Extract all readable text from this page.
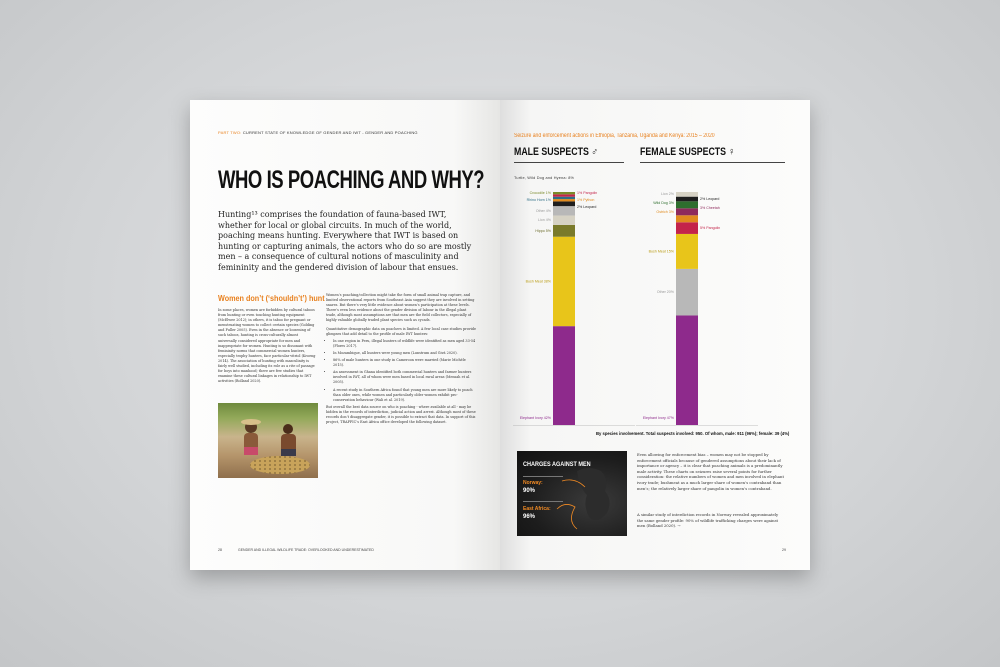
PART TWO: CURRENT STATE OF KNOWLEDGE OF GENDER AND IWT - GENDER AND POACHING
WHO IS POACHING AND WHY?
Hunting¹³ comprises the foundation of fauna-based IWT, whether for local or global circuits. In much of the world, poaching means hunting. Everywhere that IWT is based on hunting or capturing animals, the actors who do so are mostly men – a consequence of cultural notions of masculinity and femininity and the gendered division of labour that ensues.
Women don’t (‘shouldn’t’) hunt
In some places, women are forbidden by cultural taboos from hunting or even touching hunting equipment (McElwee 2012); in others, it is taboo for pregnant or menstruating women to collect certain species (Golding and Fuller 2005). Even in the absence or loosening of such taboos, hunting is cross-culturally almost universally considered appropriate for men and inappropriate for women. Hunting is so dissonant with femininity norms that commercial women hunters, especially trophy hunters, face particular vitriol (Kroeng 2014). The association of hunting with masculinity is fairly well studied, including its role as a rite of passage for boys into manhood; there are few studies that examine these cultural linkages in relationship to IWT activities (Bolland 2020).
Women’s poaching/collection might take the form of small animal trap capture, and limited observational reports from Southeast Asia suggest they are involved in setting snares. But there’s very little evidence about women’s participation at these levels. There’s even less evidence about the gender division of labour in the illegal plant trade, although most assumptions are that men are the field collectors, especially of highly valuable globally traded plant species such as cycads.
Quantitative demographic data on poachers is limited. A few local case studies provide glimpses that add detail to the profile of male IWT hunters:
• In one region in Peru, illegal hunters of wildlife were identified as men aged 33-54 (Flores 2017).
• In Mozambique, all hunters were young men (Lunstrum and Givá 2020).
• 86% of male hunters in one study in Cameroon were married (Marie Michèle 2015).
• An assessment in Ghana identified both commercial hunters and farmer hunters involved in IWT, all of whom were men based in local rural areas (Mensah et al. 2005).
• A recent study in Southern Africa found that young men are more likely to poach than older ones, while women and particularly older women exhibit pro-conservation behaviour (Wali et al. 2019).
But overall the best data source on who is poaching - where available at all - may be hidden in the records of interdiction, judicial action and arrest. Although most of these records don’t disaggregate gender, it is possible to extract that data. In support of this project, TRAFFIC’s East Africa office developed the following dataset.
28	GENDER AND ILLEGAL WILDLIFE TRADE: OVERLOOKED AND UNDERESTIMATED
Seizure and enforcement actions in Ethiopia, Tanzania, Uganda and Kenya: 2015 – 2020
MALE SUSPECTS ♂	FEMALE SUSPECTS ♀
Turtle, Wild Dog and Hyena: 8%
Elephant Ivory 42%
Bush Meat 38%
Hippo 5%
Lion 4%
Other 4%
Rhino Horn 1%
Crocodile 1%	1% Pangolin
1% Python
2% Leopard
Elephant Ivory 47%
Other 20%
Bush Meat 15%
Lion 2%
Wild Dog 3%
Ostrich 3%
2% Leopard
3% Cheetah
5% Pangolin
By species involvement. Total suspects involved: 950. Of whom, male: 911 (96%); female: 39 (4%)
CHARGES AGAINST MEN
Norway:
90%
East Africa:
96%
Even allowing for enforcement bias – women may not be stopped by enforcement officials because of gendered assumptions about their lack of importance or agency – it is clear that poaching animals is a predominantly male activity. These charts on seizures raise several points for further consideration: the relative numbers of women and men involved in elephant ivory trade; bushmeat as a much larger share of women’s contraband than men’s; the relatively larger share of pangolin in women’s contraband.
A similar study of interdiction records in Norway revealed approximately the same gender profile: 90% of wildlife trafficking charges were against men (Bolland 2020). →
29
